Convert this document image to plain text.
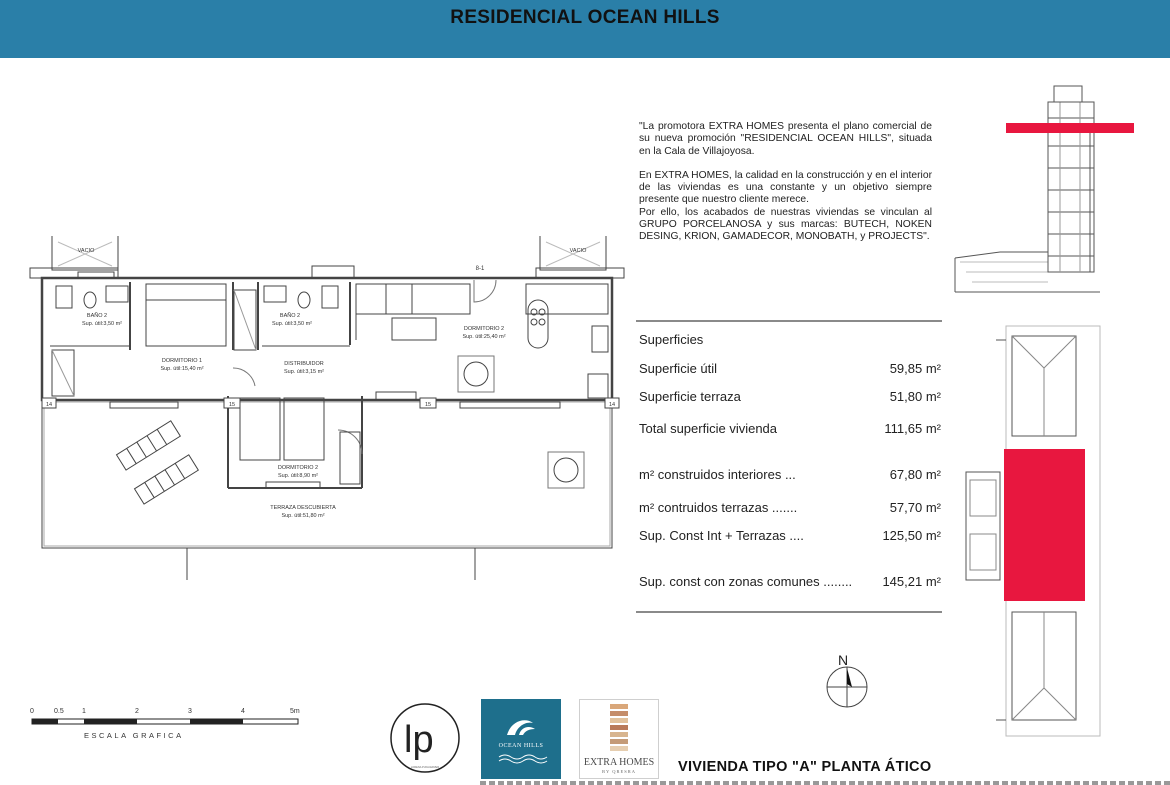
RESIDENCIAL OCEAN HILLS
VACIO	VACIO
8-1
BAÑO 2
Sup. útil:3,50 m²
BAÑO 2
Sup. útil:3,50 m²
DORMITORIO 1
Sup. útil:15,40 m²
DISTRIBUIDOR
Sup. útil:3,15 m²
DORMITORIO 2
Sup. útil:25,40 m²
DORMITORIO 2
Sup. útil:8,90 m²
TERRAZA DESCUBIERTA
Sup. útil:51,80 m²
14	14
15	15
N
lp
LORENA PUIGCERVER

"La promotora EXTRA HOMES presenta el plano comercial de su nueva promoción "RESIDENCIAL OCEAN HILLS", situada en la Cala de Villajoyosa.

En EXTRA HOMES, la calidad en la construcción y en el interior de las viviendas es una constante y un objetivo siempre presente que nuestro cliente merece.

Por ello, los acabados de nuestras viviendas se vinculan al GRUPO PORCELANOSA y sus marcas: BUTECH, NOKEN DESING, KRION, GAMADECOR, MONOBATH, y PROJECTS".

Superficies
Superficie útil	59,85 m²
Superficie terraza	51,80 m²
Total superficie vivienda	111,65 m²
m² construidos interiores ...	67,80 m²
m² contruidos terrazas .......	57,70 m²
Sup. Const Int + Terrazas ....	125,50 m²
Sup. const con zonas comunes ........ 145,21 m²
0	0.5	1	2	3	4	5m
ESCALA GRAFICA
OCEAN HILLS
EXTRA HOMES
BY QRESRA	VIVIENDA TIPO "A" PLANTA ÁTICO
